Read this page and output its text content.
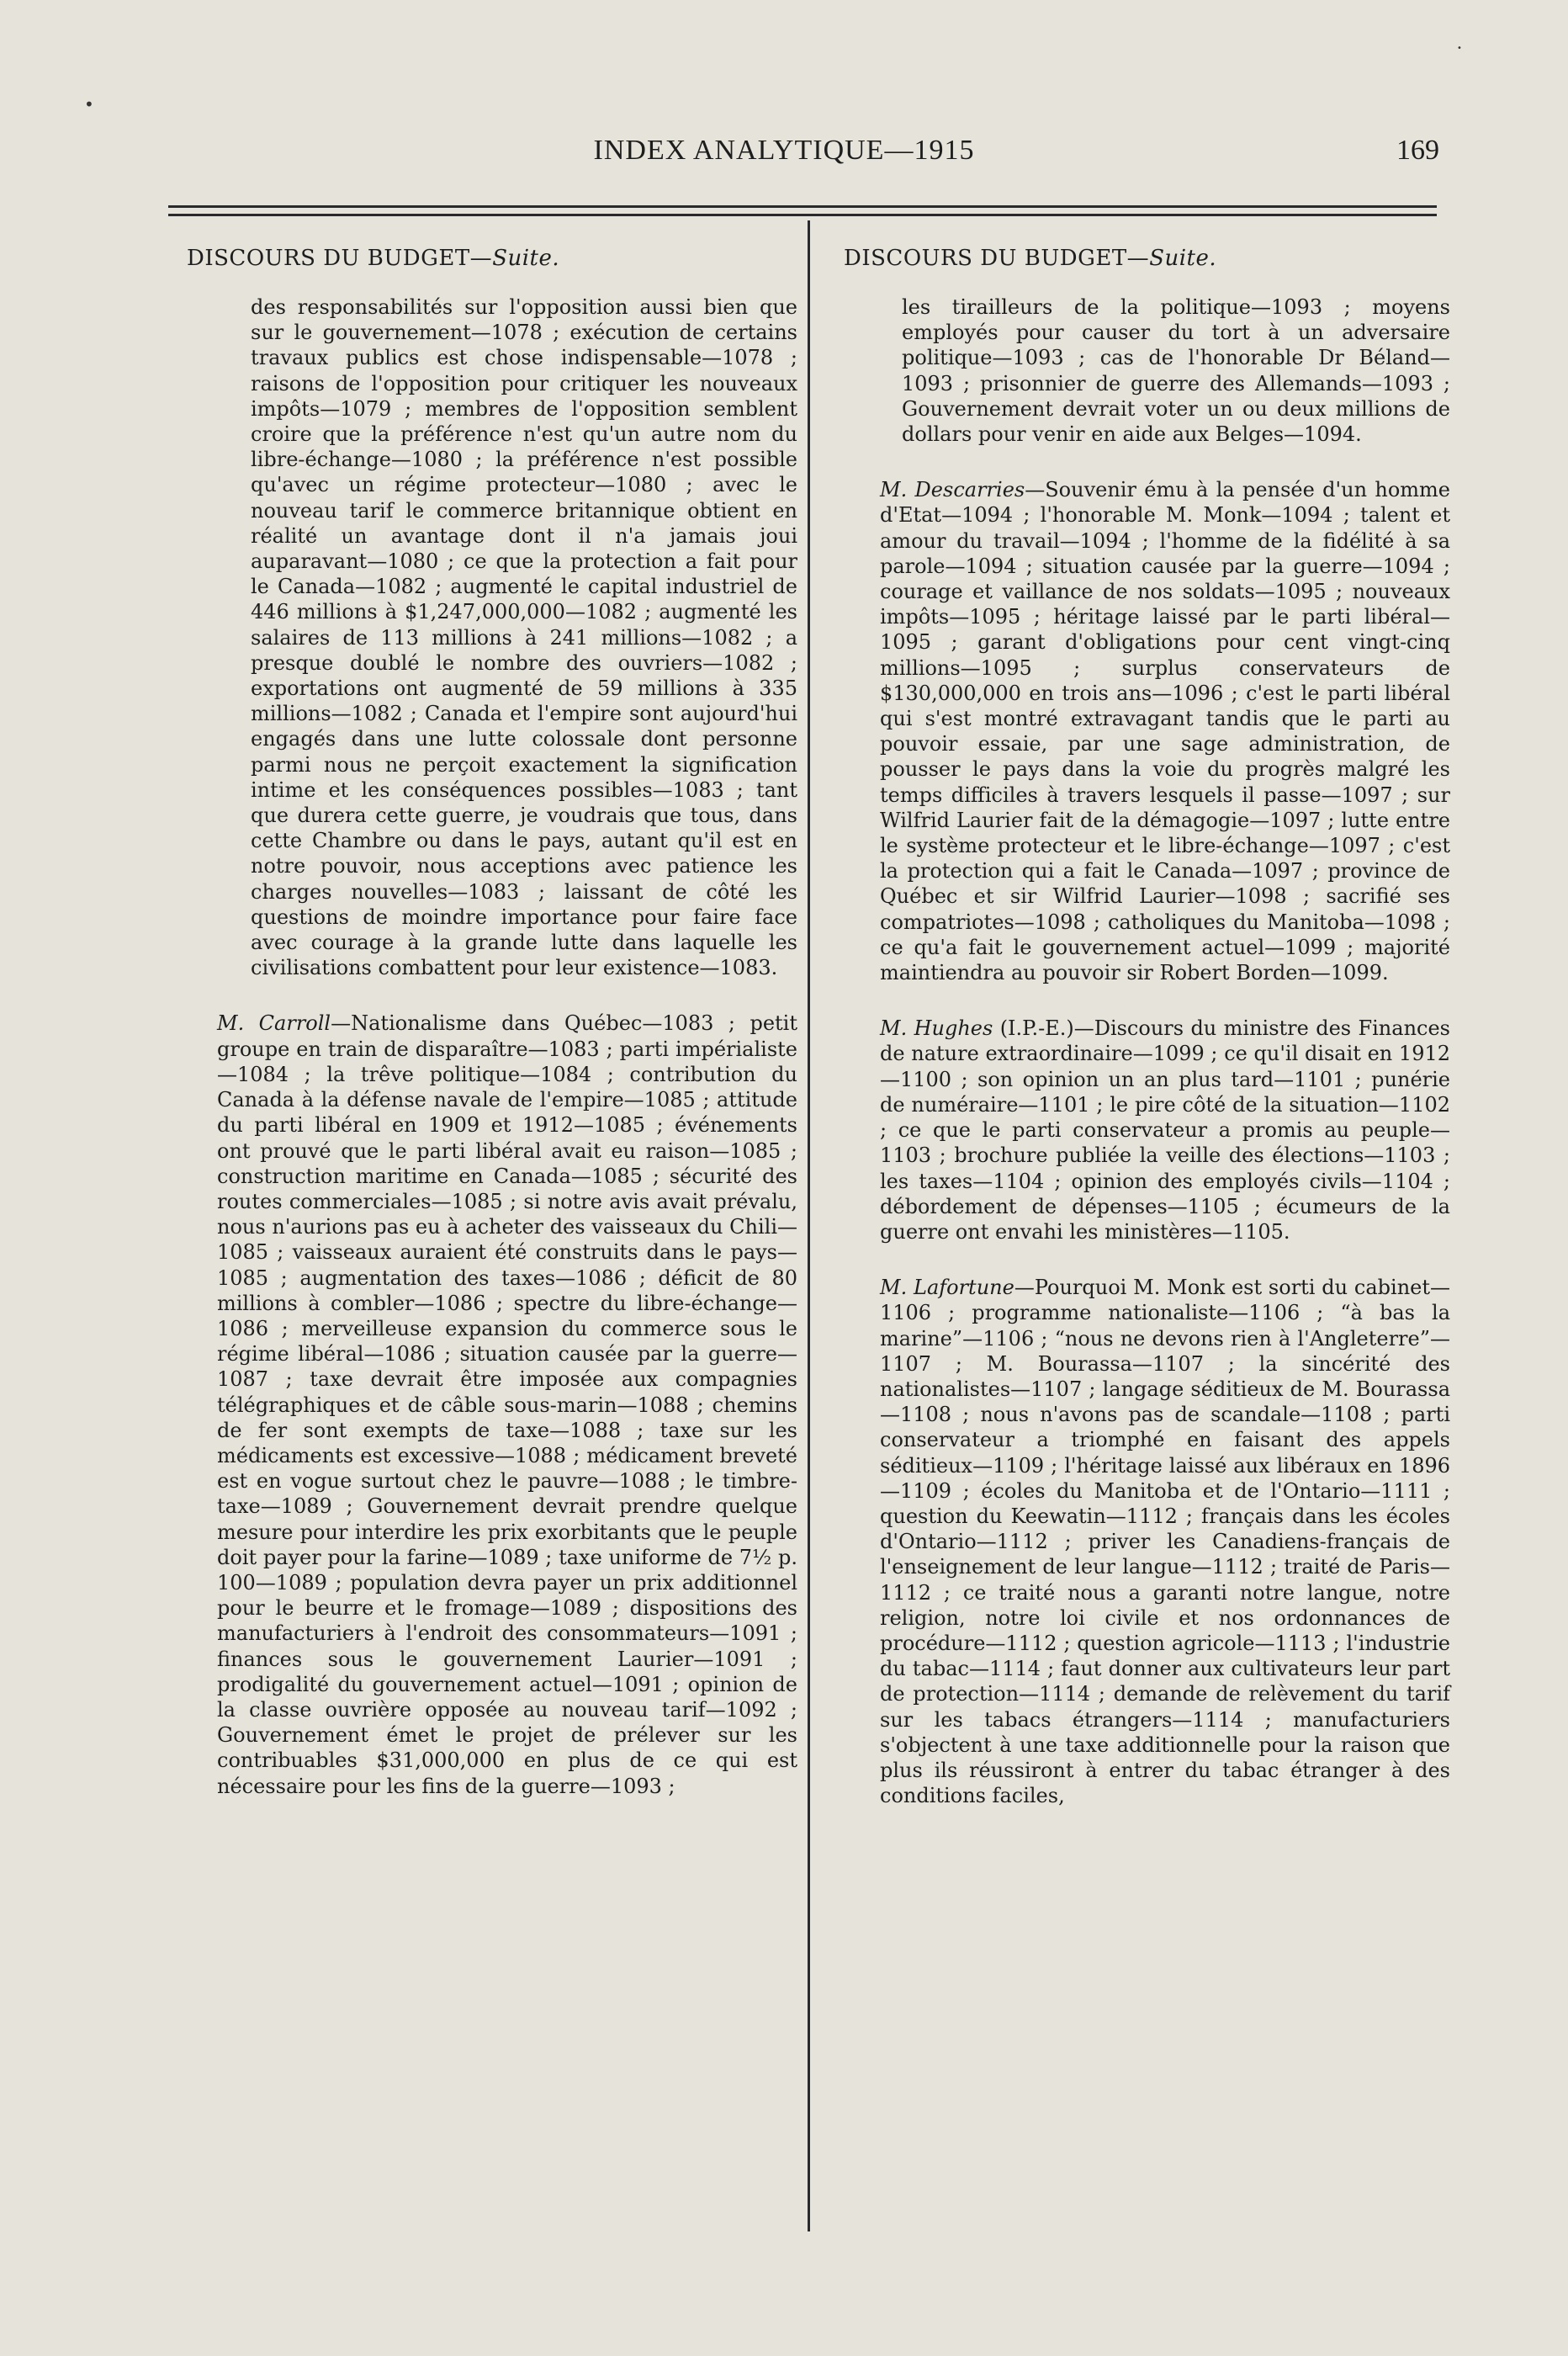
INDEX ANALYTIQUE—1915	169
DISCOURS DU BUDGET—Suite.
des responsabilités sur l'opposition aussi bien que sur le gouvernement—1078 ; exécution de certains travaux publics est chose indispensable—1078 ; raisons de l'opposition pour critiquer les nouveaux impôts—1079 ; membres de l'opposition semblent croire que la préférence n'est qu'un autre nom du libre-échange—1080 ; la préférence n'est possible qu'avec un régime protecteur—1080 ; avec le nouveau tarif le commerce britannique obtient en réalité un avantage dont il n'a jamais joui auparavant—1080 ; ce que la protection a fait pour le Canada—1082 ; augmenté le capital industriel de 446 millions à $1,247,000,000—1082 ; augmenté les salaires de 113 millions à 241 millions—1082 ; a presque doublé le nombre des ouvriers—1082 ; exportations ont augmenté de 59 millions à 335 millions—1082 ; Canada et l'empire sont aujourd'hui engagés dans une lutte colossale dont personne parmi nous ne perçoit exactement la signification intime et les conséquences possibles—1083 ; tant que durera cette guerre, je voudrais que tous, dans cette Chambre ou dans le pays, autant qu'il est en notre pouvoir, nous acceptions avec patience les charges nouvelles—1083 ; laissant de côté les questions de moindre importance pour faire face avec courage à la grande lutte dans laquelle les civilisations combattent pour leur existence—1083.
M. Carroll—Nationalisme dans Québec—1083 ; petit groupe en train de disparaître—1083 ; parti impérialiste—1084 ; la trêve politique—1084 ; contribution du Canada à la défense navale de l'empire—1085 ; attitude du parti libéral en 1909 et 1912—1085 ; événements ont prouvé que le parti libéral avait eu raison—1085 ; construction maritime en Canada—1085 ; sécurité des routes commerciales—1085 ; si notre avis avait prévalu, nous n'aurions pas eu à acheter des vaisseaux du Chili—1085 ; vaisseaux auraient été construits dans le pays—1085 ; augmentation des taxes—1086 ; déficit de 80 millions à combler—1086 ; spectre du libre-échange—1086 ; merveilleuse expansion du commerce sous le régime libéral—1086 ; situation causée par la guerre—1087 ; taxe devrait être imposée aux compagnies télégraphiques et de câble sous-marin—1088 ; chemins de fer sont exempts de taxe—1088 ; taxe sur les médicaments est excessive—1088 ; médicament breveté est en vogue surtout chez le pauvre—1088 ; le timbre-taxe—1089 ; Gouvernement devrait prendre quelque mesure pour interdire les prix exorbitants que le peuple doit payer pour la farine—1089 ; taxe uniforme de 7½ p. 100—1089 ; population devra payer un prix additionnel pour le beurre et le fromage—1089 ; dispositions des manufacturiers à l'endroit des consommateurs—1091 ; finances sous le gouvernement Laurier—1091 ; prodigalité du gouvernement actuel—1091 ; opinion de la classe ouvrière opposée au nouveau tarif—1092 ; Gouvernement émet le projet de prélever sur les contribuables $31,000,000 en plus de ce qui est nécessaire pour les fins de la guerre—1093 ;
DISCOURS DU BUDGET—Suite.
les tirailleurs de la politique—1093 ; moyens employés pour causer du tort à un adversaire politique—1093 ; cas de l'honorable Dr Béland—1093 ; prisonnier de guerre des Allemands—1093 ; Gouvernement devrait voter un ou deux millions de dollars pour venir en aide aux Belges—1094.
M. Descarries—Souvenir ému à la pensée d'un homme d'Etat—1094 ; l'honorable M. Monk—1094 ; talent et amour du travail—1094 ; l'homme de la fidélité à sa parole—1094 ; situation causée par la guerre—1094 ; courage et vaillance de nos soldats—1095 ; nouveaux impôts—1095 ; héritage laissé par le parti libéral—1095 ; garant d'obligations pour cent vingt-cinq millions—1095 ; surplus conservateurs de $130,000,000 en trois ans—1096 ; c'est le parti libéral qui s'est montré extravagant tandis que le parti au pouvoir essaie, par une sage administration, de pousser le pays dans la voie du progrès malgré les temps difficiles à travers lesquels il passe—1097 ; sur Wilfrid Laurier fait de la démagogie—1097 ; lutte entre le système protecteur et le libre-échange—1097 ; c'est la protection qui a fait le Canada—1097 ; province de Québec et sir Wilfrid Laurier—1098 ; sacrifié ses compatriotes—1098 ; catholiques du Manitoba—1098 ; ce qu'a fait le gouvernement actuel—1099 ; majorité maintiendra au pouvoir sir Robert Borden—1099.
M. Hughes (I.P.-E.)—Discours du ministre des Finances de nature extraordinaire—1099 ; ce qu'il disait en 1912—1100 ; son opinion un an plus tard—1101 ; punérie de numéraire—1101 ; le pire côté de la situation—1102 ; ce que le parti conservateur a promis au peuple—1103 ; brochure publiée la veille des élections—1103 ; les taxes—1104 ; opinion des employés civils—1104 ; débordement de dépenses—1105 ; écumeurs de la guerre ont envahi les ministères—1105.
M. Lafortune—Pourquoi M. Monk est sorti du cabinet—1106 ; programme nationaliste—1106 ; “à bas la marine”—1106 ; “nous ne devons rien à l'Angleterre”—1107 ; M. Bourassa—1107 ; la sincérité des nationalistes—1107 ; langage séditieux de M. Bourassa—1108 ; nous n'avons pas de scandale—1108 ; parti conservateur a triomphé en faisant des appels séditieux—1109 ; l'héritage laissé aux libéraux en 1896—1109 ; écoles du Manitoba et de l'Ontario—1111 ; question du Keewatin—1112 ; français dans les écoles d'Ontario—1112 ; priver les Canadiens-français de l'enseignement de leur langue—1112 ; traité de Paris—1112 ; ce traité nous a garanti notre langue, notre religion, notre loi civile et nos ordonnances de procédure—1112 ; question agricole—1113 ; l'industrie du tabac—1114 ; faut donner aux cultivateurs leur part de protection—1114 ; demande de relèvement du tarif sur les tabacs étrangers—1114 ; manufacturiers s'objectent à une taxe additionnelle pour la raison que plus ils réussiront à entrer du tabac étranger à des conditions faciles,
•
•
